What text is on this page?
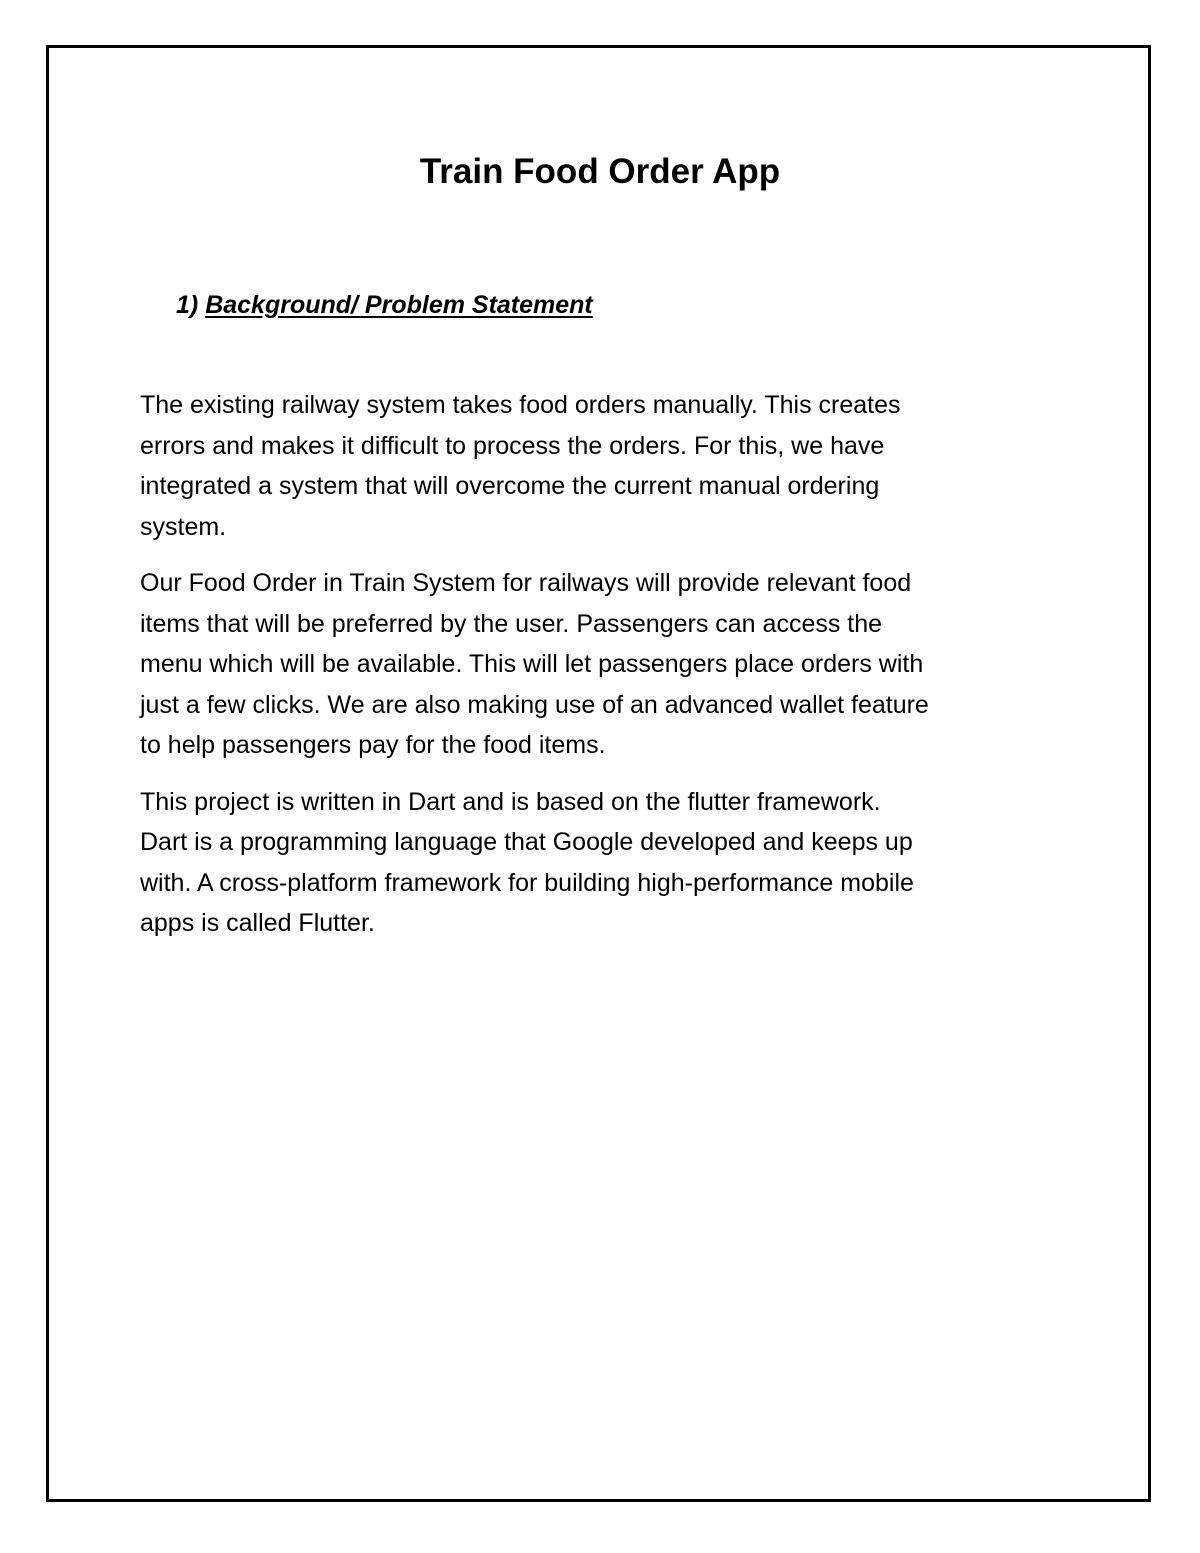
Train Food Order App
1) Background/ Problem Statement

The existing railway system takes food orders manually. This creates
errors and makes it difficult to process the orders. For this, we have
integrated a system that will overcome the current manual ordering
system.

Our Food Order in Train System for railways will provide relevant food
items that will be preferred by the user. Passengers can access the
menu which will be available. This will let passengers place orders with
just a few clicks. We are also making use of an advanced wallet feature
to help passengers pay for the food items.

This project is written in Dart and is based on the flutter framework.
Dart is a programming language that Google developed and keeps up
with. A cross-platform framework for building high-performance mobile
apps is called Flutter.
